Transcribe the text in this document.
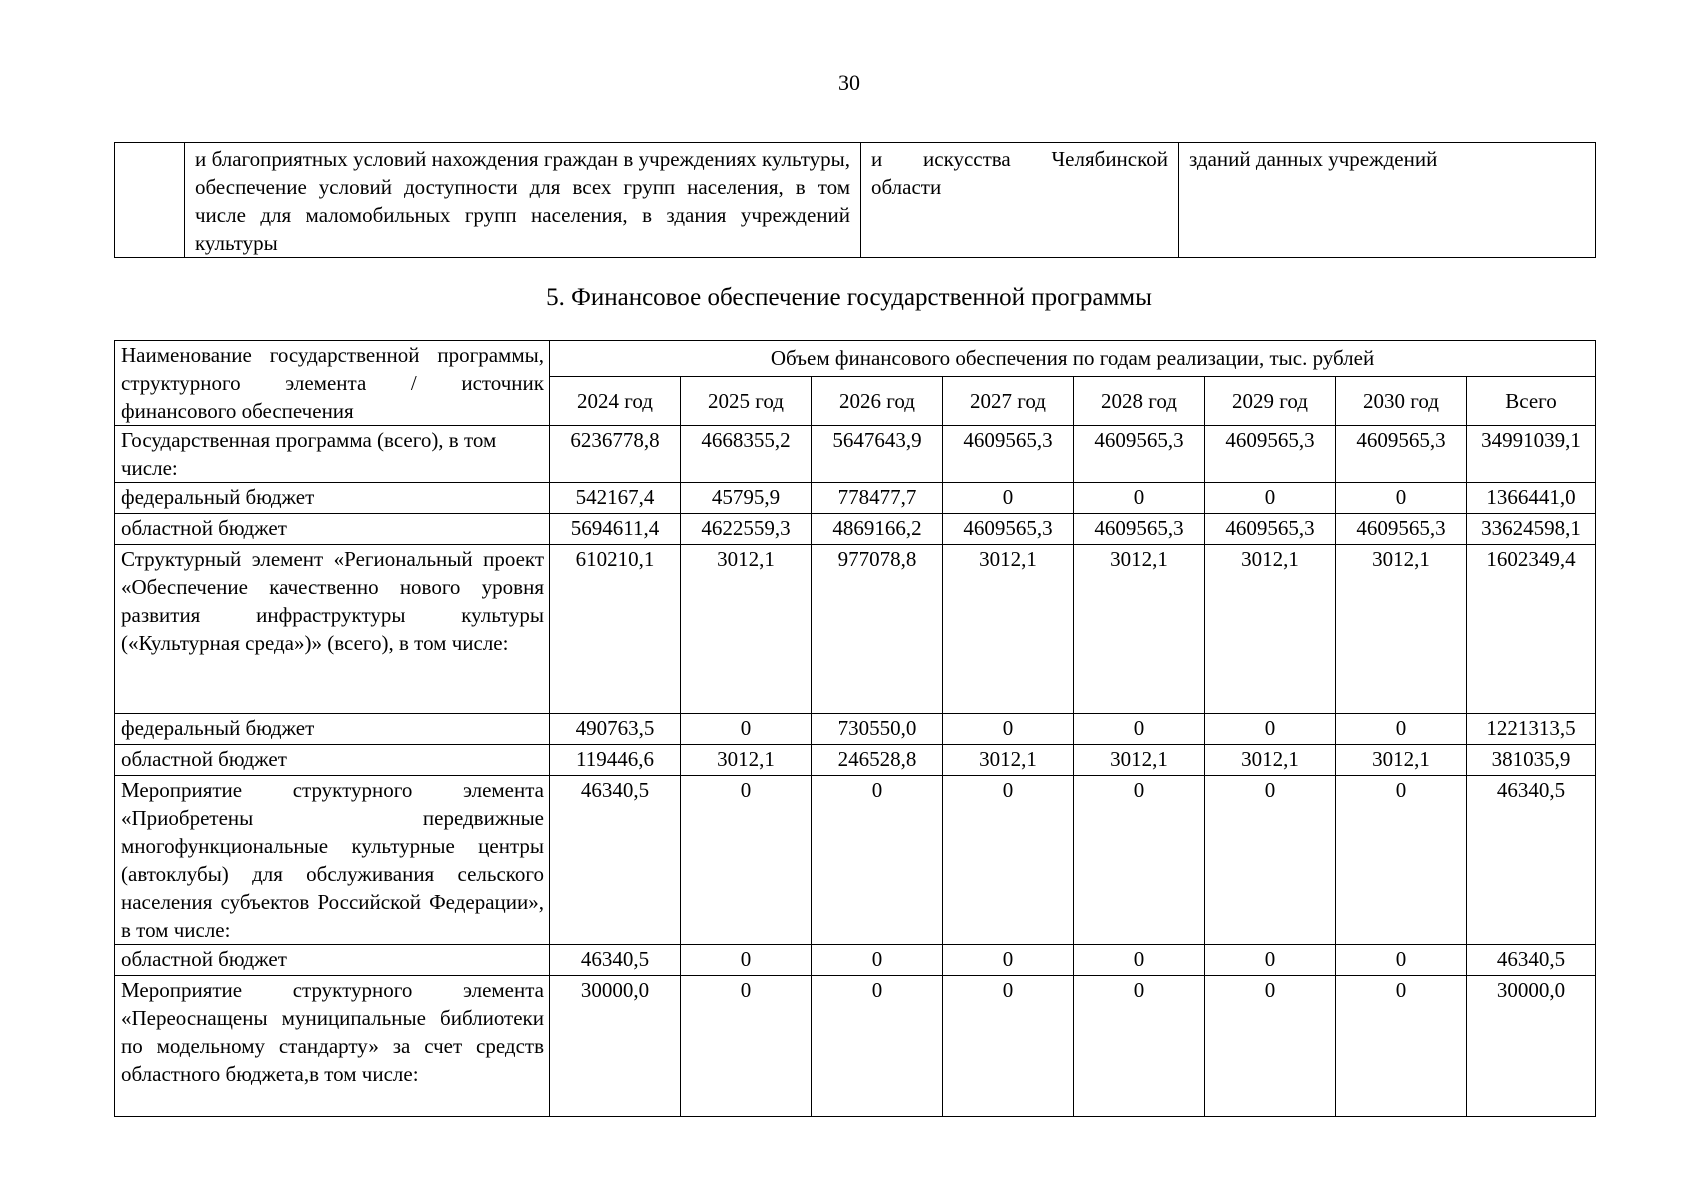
30
	и благоприятных условий нахождения граждан в учреждениях культуры, обеспечение условий доступности для всех групп населения, в том числе для маломобильных групп населения, в здания учреждений культуры	и искусства Челябинской области	зданий данных учреждений
5. Финансовое обеспечение государственной программы
Наименование государственной программы, структурного элемента / источник финансового обеспечения	Объем финансового обеспечения по годам реализации, тыс. рублей							
	2024 год	2025 год	2026 год	2027 год	2028 год	2029 год	2030 год	Всего
Государственная программа (всего), в том числе:	6236778,8	4668355,2	5647643,9	4609565,3	4609565,3	4609565,3	4609565,3	34991039,1
федеральный бюджет	542167,4	45795,9	778477,7	0	0	0	0	1366441,0
областной бюджет	5694611,4	4622559,3	4869166,2	4609565,3	4609565,3	4609565,3	4609565,3	33624598,1
Структурный элемент «Региональный проект «Обеспечение качественно нового уровня развития инфраструктуры культуры («Культурная среда»)» (всего), в том числе:	610210,1	3012,1	977078,8	3012,1	3012,1	3012,1	3012,1	1602349,4
федеральный бюджет	490763,5	0	730550,0	0	0	0	0	1221313,5
областной бюджет	119446,6	3012,1	246528,8	3012,1	3012,1	3012,1	3012,1	381035,9
Мероприятие структурного элемента «Приобретены передвижные многофункциональные культурные центры (автоклубы) для обслуживания сельского населения субъектов Российской Федерации», в том числе:	46340,5	0	0	0	0	0	0	46340,5
областной бюджет	46340,5	0	0	0	0	0	0	46340,5
Мероприятие структурного элемента «Переоснащены муниципальные библиотеки по модельному стандарту» за счет средств областного бюджета,в том числе:	30000,0	0	0	0	0	0	0	30000,0
